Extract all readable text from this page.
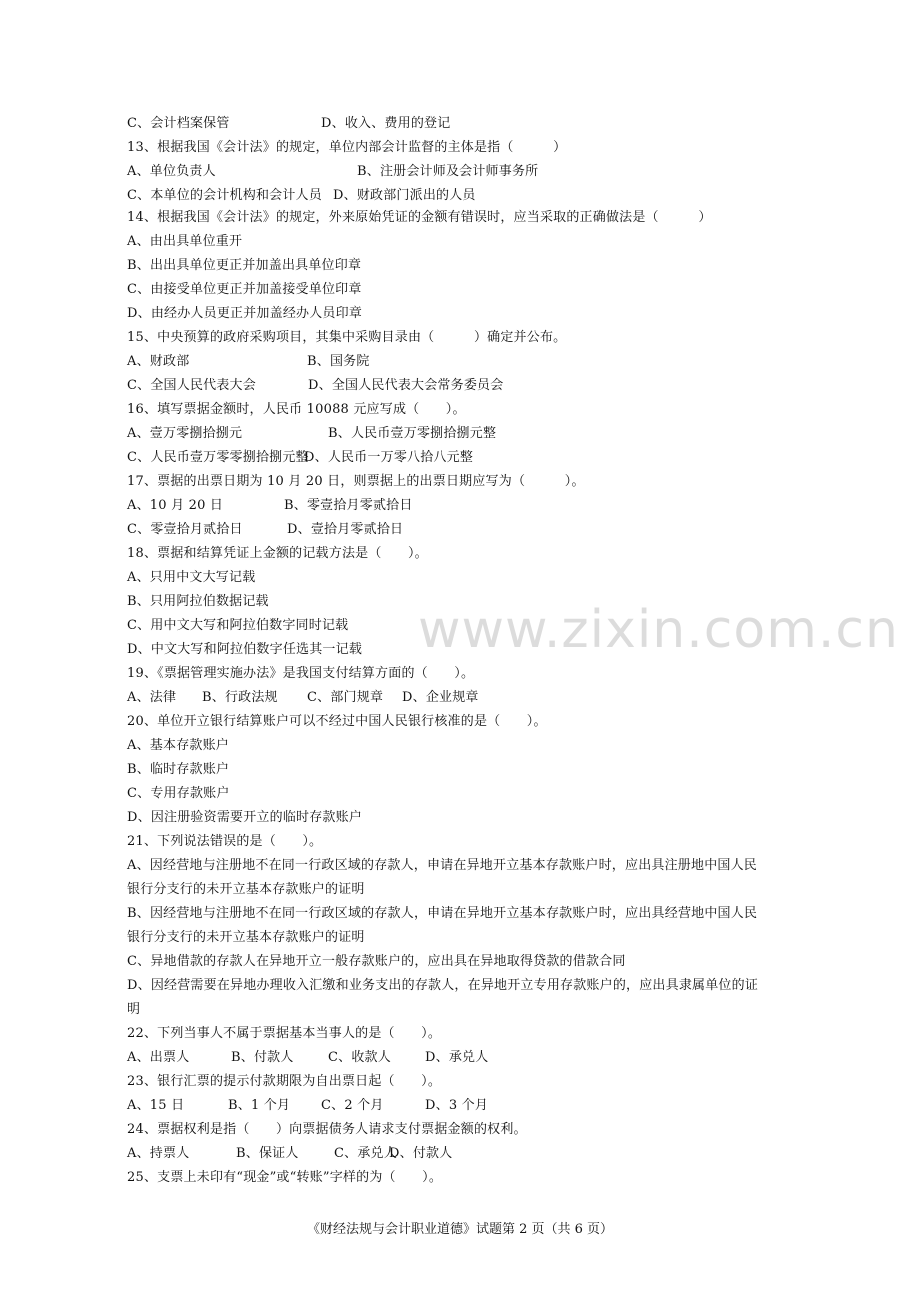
www.zixin.com.cn
C、会计档案保管	D、收入、费用的登记
13、根据我国《会计法》的规定，单位内部会计监督的主体是指（　　　）
A、单位负责人	B、注册会计师及会计师事务所
C、本单位的会计机构和会计人员 D、财政部门派出的人员
14、根据我国《会计法》的规定，外来原始凭证的金额有错误时，应当采取的正确做法是（　　　）
A、由出具单位重开
B、出出具单位更正并加盖出具单位印章
C、由接受单位更正并加盖接受单位印章
D、由经办人员更正并加盖经办人员印章
15、中央预算的政府采购项目，其集中采购目录由（　　　）确定并公布。
A、财政部	B、国务院
C、全国人民代表大会	D、全国人民代表大会常务委员会
16、填写票据金额时，人民币 10088 元应写成（　　）。
A、壹万零捌拾捌元	B、人民币壹万零捌拾捌元整
C、人民币壹万零零捌拾捌元整
D、人民币一万零八拾八元整
17、票据的出票日期为 10 月 20 日，则票据上的出票日期应写为（　　　）。
A、10 月 20 日	B、零壹拾月零贰拾日
C、零壹拾月贰拾日	D、壹拾月零贰拾日
18、票据和结算凭证上金额的记载方法是（　　）。
A、只用中文大写记载
B、只用阿拉伯数据记载
C、用中文大写和阿拉伯数字同时记载
D、中文大写和阿拉伯数字任选其一记载
19、《票据管理实施办法》是我国支付结算方面的（　　）。
A、法律 B、行政法规 C、部门规章 D、企业规章
20、单位开立银行结算账户可以不经过中国人民银行核准的是（　　）。
A、基本存款账户
B、临时存款账户
C、专用存款账户
D、因注册验资需要开立的临时存款账户
21、下列说法错误的是（　　）。
A、因经营地与注册地不在同一行政区域的存款人，申请在异地开立基本存款账户时，应出具注册地中国人民
银行分支行的未开立基本存款账户的证明
B、因经营地与注册地不在同一行政区域的存款人，申请在异地开立基本存款账户时，应出具经营地中国人民
银行分支行的未开立基本存款账户的证明
C、异地借款的存款人在异地开立一般存款账户的，应出具在异地取得贷款的借款合同
D、因经营需要在异地办理收入汇缴和业务支出的存款人，在异地开立专用存款账户的，应出具隶属单位的证
明
22、下列当事人不属于票据基本当事人的是（　　）。
A、出票人	B、付款人	C、收款人	D、承兑人
23、银行汇票的提示付款期限为自出票日起（　　）。
A、15 日	B、1 个月 C、2 个月	D、3 个月
24、票据权利是指（　　）向票据债务人请求支付票据金额的权利。
A、持票人	B、保证人	C、承兑人
D、付款人
25、支票上未印有“现金”或“转账”字样的为（　　）。
《财经法规与会计职业道德》试题第 2 页（共 6 页）
